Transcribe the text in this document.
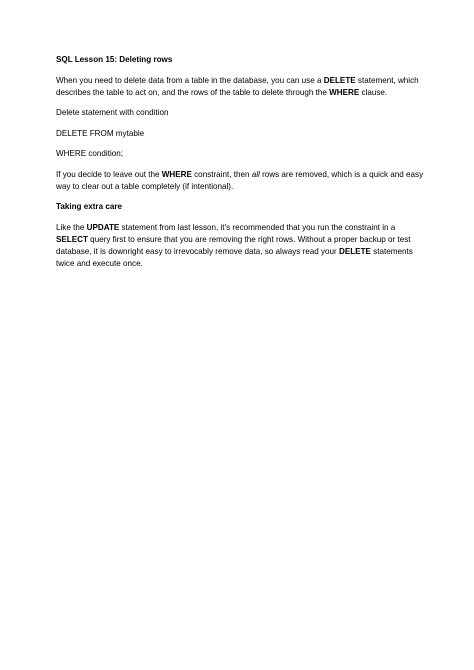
SQL Lesson 15: Deleting rows

When you need to delete data from a table in the database, you can use a DELETE statement, which describes the table to act on, and the rows of the table to delete through the WHERE clause.

Delete statement with condition

DELETE FROM mytable

WHERE condition;

If you decide to leave out the WHERE constraint, then all rows are removed, which is a quick and easy way to clear out a table completely (if intentional).

Taking extra care

Like the UPDATE statement from last lesson, it's recommended that you run the constraint in a SELECT query first to ensure that you are removing the right rows. Without a proper backup or test database, it is downright easy to irrevocably remove data, so always read your DELETE statements twice and execute once.
